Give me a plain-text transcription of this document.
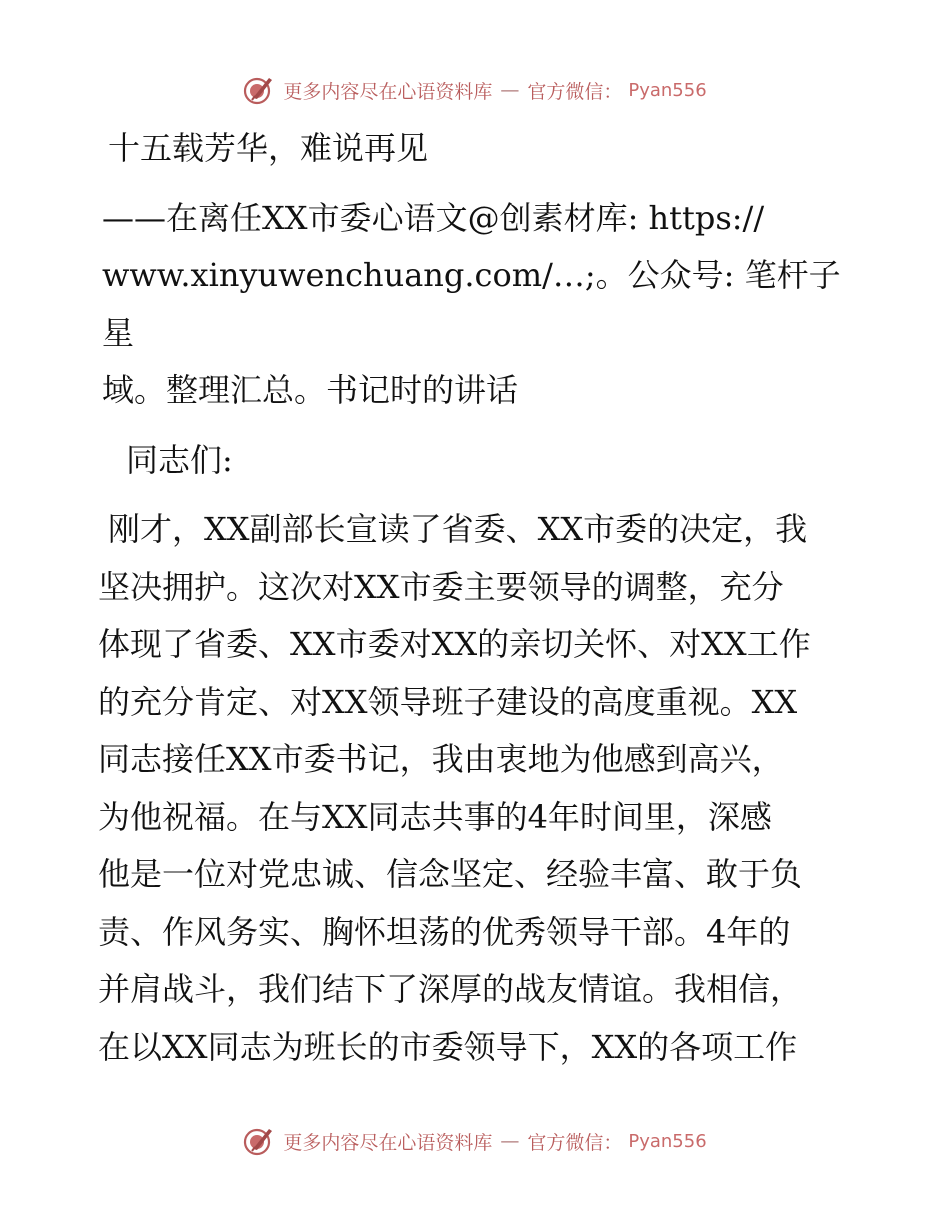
更多内容尽在心语资料库 — 官方微信： Pyan556

十五载芳华，难说再见

——在离任XX市委心语文@创素材库: https://

www.xinyuwenchuang.com/…;。公众号: 笔杆子星

域。整理汇总。书记时的讲话

同志们:

刚才，XX副部长宣读了省委、XX市委的决定，我

坚决拥护。这次对XX市委主要领导的调整，充分

体现了省委、XX市委对XX的亲切关怀、对XX工作

的充分肯定、对XX领导班子建设的高度重视。XX

同志接任XX市委书记，我由衷地为他感到高兴，

为他祝福。在与XX同志共事的4年时间里，深感

他是一位对党忠诚、信念坚定、经验丰富、敢于负

责、作风务实、胸怀坦荡的优秀领导干部。4年的

并肩战斗，我们结下了深厚的战友情谊。我相信，

在以XX同志为班长的市委领导下，XX的各项工作

更多内容尽在心语资料库 — 官方微信： Pyan556
